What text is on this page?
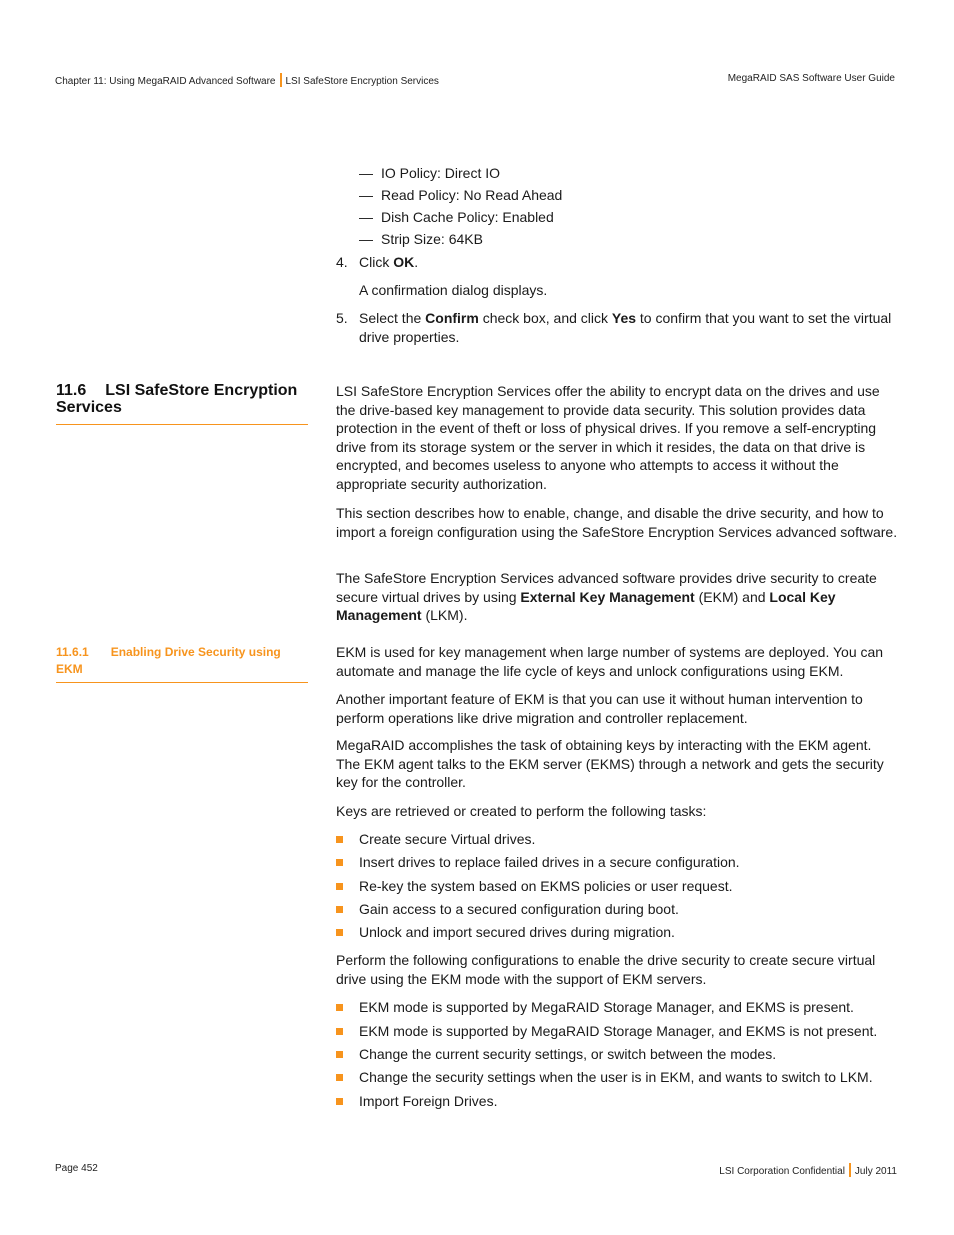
Chapter 11: Using MegaRAID Advanced Software LSI SafeStore Encryption Services	MegaRAID SAS Software User Guide
— IO Policy: Direct IO
— Read Policy: No Read Ahead
— Dish Cache Policy: Enabled
— Strip Size: 64KB
4. Click OK.
A confirmation dialog displays.
5. Select the Confirm check box, and click Yes to confirm that you want to set the virtual drive properties.
11.6 LSI SafeStore Encryption Services
LSI SafeStore Encryption Services offer the ability to encrypt data on the drives and use the drive-based key management to provide data security. This solution provides data protection in the event of theft or loss of physical drives. If you remove a self-encrypting drive from its storage system or the server in which it resides, the data on that drive is encrypted, and becomes useless to anyone who attempts to access it without the appropriate security authorization.
This section describes how to enable, change, and disable the drive security, and how to import a foreign configuration using the SafeStore Encryption Services advanced software.
The SafeStore Encryption Services advanced software provides drive security to create secure virtual drives by using External Key Management (EKM) and Local Key Management (LKM).
11.6.1 Enabling Drive Security using EKM
EKM is used for key management when large number of systems are deployed. You can automate and manage the life cycle of keys and unlock configurations using EKM.
Another important feature of EKM is that you can use it without human intervention to perform operations like drive migration and controller replacement.
MegaRAID accomplishes the task of obtaining keys by interacting with the EKM agent. The EKM agent talks to the EKM server (EKMS) through a network and gets the security key for the controller.
Keys are retrieved or created to perform the following tasks:
Create secure Virtual drives.
Insert drives to replace failed drives in a secure configuration.
Re-key the system based on EKMS policies or user request.
Gain access to a secured configuration during boot.
Unlock and import secured drives during migration.
Perform the following configurations to enable the drive security to create secure virtual drive using the EKM mode with the support of EKM servers.
EKM mode is supported by MegaRAID Storage Manager, and EKMS is present.
EKM mode is supported by MegaRAID Storage Manager, and EKMS is not present.
Change the current security settings, or switch between the modes.
Change the security settings when the user is in EKM, and wants to switch to LKM.
Import Foreign Drives.
Page 452	LSI Corporation Confidential July 2011
